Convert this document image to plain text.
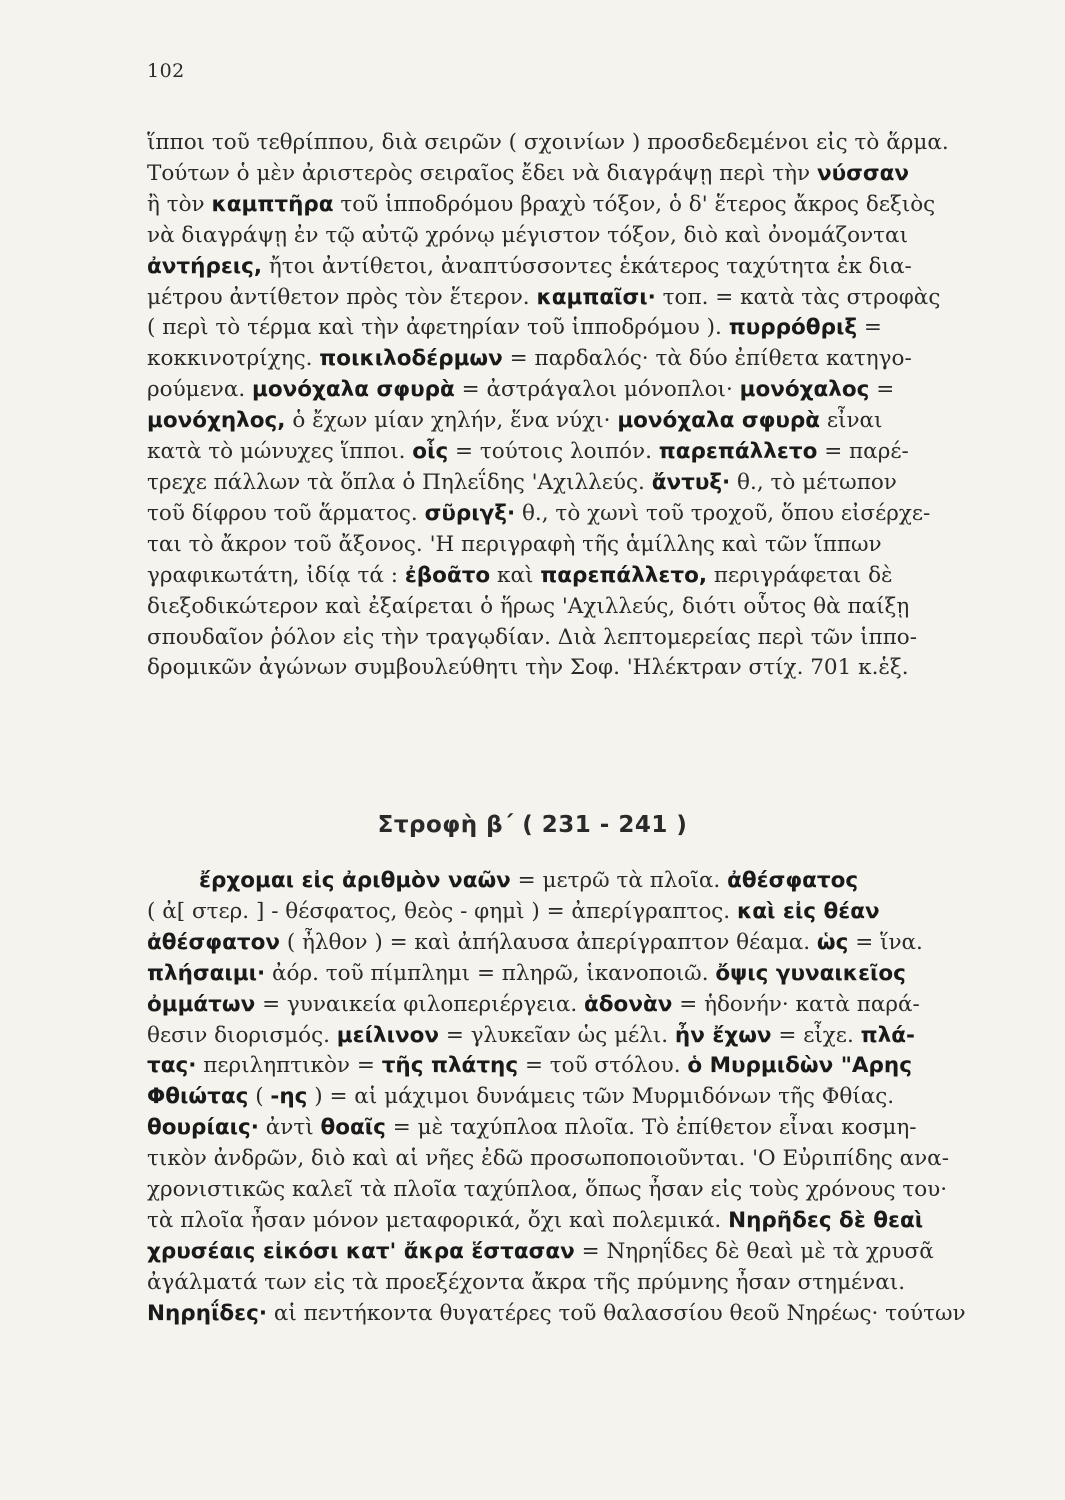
102
ἵπποι τοῦ τεθρίππου, διὰ σειρῶν ( σχοινίων ) προσδεδεμένοι εἰς τὸ ἅρμα.
Τούτων ὁ μὲν ἀριστερὸς σειραῖος ἔδει νὰ διαγράψῃ περὶ τὴν νύσσαν
ἢ τὸν καμπτῆρα τοῦ ἱπποδρόμου βραχὺ τόξον, ὁ δ' ἕτερος ἄκρος δεξιὸς
νὰ διαγράψῃ ἐν τῷ αὐτῷ χρόνῳ μέγιστον τόξον, διὸ καὶ ὀνομάζονται
ἀντήρεις, ἤτοι ἀντίθετοι, ἀναπτύσσοντες ἑκάτερος ταχύτητα ἐκ δια-
μέτρου ἀντίθετον πρὸς τὸν ἕτερον. καμπαῖσι· τοπ. = κατὰ τὰς στροφὰς
( περὶ τὸ τέρμα καὶ τὴν ἀφετηρίαν τοῦ ἱπποδρόμου ). πυρρόθριξ =
κοκκινοτρίχης. ποικιλοδέρμων = παρδαλός· τὰ δύο ἐπίθετα κατηγο-
ρούμενα. μονόχαλα σφυρὰ = ἀστράγαλοι μόνοπλοι· μονόχαλος =
μονόχηλος, ὁ ἔχων μίαν χηλήν, ἕνα νύχι· μονόχαλα σφυρὰ εἶναι
κατὰ τὸ μώνυχες ἵπποι. οἷς = τούτοις λοιπόν. παρεπάλλετο = παρέ-
τρεχε πάλλων τὰ ὅπλα ὁ Πηλεΐδης 'Αχιλλεύς. ἄντυξ· θ., τὸ μέτωπον
τοῦ δίφρου τοῦ ἅρματος. σῦριγξ· θ., τὸ χωνὶ τοῦ τροχοῦ, ὅπου εἰσέρχε-
ται τὸ ἄκρον τοῦ ἄξονος. 'Η περιγραφὴ τῆς ἁμίλλης καὶ τῶν ἵππων
γραφικωτάτη, ἰδίᾳ τά : ἐβοᾶτο καὶ παρεπάλλετο, περιγράφεται δὲ
διεξοδικώτερον καὶ ἐξαίρεται ὁ ἥρως 'Αχιλλεύς, διότι οὗτος θὰ παίξῃ
σπουδαῖον ῥόλον εἰς τὴν τραγῳδίαν. Διὰ λεπτομερείας περὶ τῶν ἱππο-
δρομικῶν ἀγώνων συμβουλεύθητι τὴν Σοφ. 'Ηλέκτραν στίχ. 701 κ.ἑξ.
Στροφὴ β΄ ( 231 - 241 )
ἔρχομαι εἰς ἀριθμὸν ναῶν = μετρῶ τὰ πλοῖα. ἀθέσφατος
( ἀ[ στερ. ] - θέσφατος, θεὸς - φημὶ ) = ἀπερίγραπτος. καὶ εἰς θέαν
ἀθέσφατον ( ἦλθον ) = καὶ ἀπήλαυσα ἀπερίγραπτον θέαμα. ὡς = ἵνα.
πλήσαιμι· ἀόρ. τοῦ πίμπλημι = πληρῶ, ἱκανοποιῶ. ὄψις γυναικεῖος
ὀμμάτων = γυναικεία φιλοπεριέργεια. ἁδονὰν = ἡδονήν· κατὰ παρά-
θεσιν διορισμός. μείλινον = γλυκεῖαν ὡς μέλι. ἦν ἔχων = εἶχε. πλά-
τας· περιληπτικὸν = τῆς πλάτης = τοῦ στόλου. ὁ Μυρμιδὼν "Αρης
Φθιώτας ( -ης ) = αἱ μάχιμοι δυνάμεις τῶν Μυρμιδόνων τῆς Φθίας.
θουρίαις· ἀντὶ θοαῖς = μὲ ταχύπλοα πλοῖα. Τὸ ἐπίθετον εἶναι κοσμη-
τικὸν ἀνδρῶν, διὸ καὶ αἱ νῆες ἐδῶ προσωποποιοῦνται. 'Ο Εὐριπίδης ανα-
χρονιστικῶς καλεῖ τὰ πλοῖα ταχύπλοα, ὅπως ἦσαν εἰς τοὺς χρόνους του·
τὰ πλοῖα ἦσαν μόνον μεταφορικά, ὄχι καὶ πολεμικά. Νηρῆδες δὲ θεαὶ
χρυσέαις εἰκόσι κατ' ἄκρα ἕστασαν = Νηρηΐδες δὲ θεαὶ μὲ τὰ χρυσᾶ
ἀγάλματά των εἰς τὰ προεξέχοντα ἄκρα τῆς πρύμνης ἦσαν στημέναι.
Νηρηΐδες· αἱ πεντήκοντα θυγατέρες τοῦ θαλασσίου θεοῦ Νηρέως· τούτων
